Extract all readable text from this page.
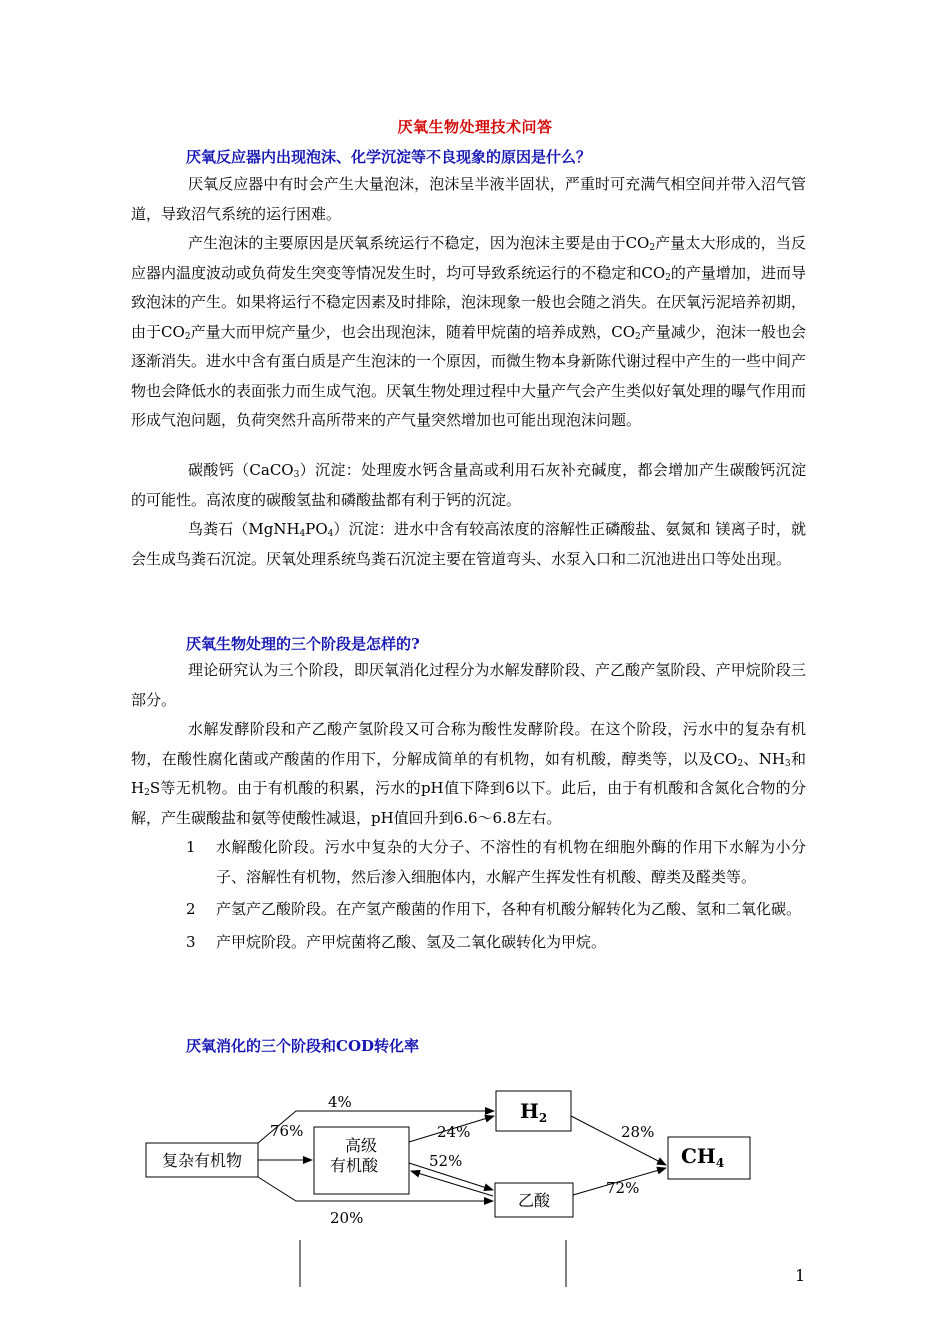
厌氧生物处理技术问答
厌氧反应器内出现泡沫、化学沉淀等不良现象的原因是什么？

厌氧反应器中有时会产生大量泡沫，泡沫呈半液半固状，严重时可充满气相空间并带入沼气管道，导致沼气系统的运行困难。

产生泡沫的主要原因是厌氧系统运行不稳定，因为泡沫主要是由于$CO_2$产量太大形成的，当反应器内温度波动或负荷发生突变等情况发生时，均可导致系统运行的不稳定和$CO_2$的产量增加，进而导致泡沫的产生。如果将运行不稳定因素及时排除，泡沫现象一般也会随之消失。在厌氧污泥培养初期，由于$CO_2$产量大而甲烷产量少，也会出现泡沫，随着甲烷菌的培养成熟，$CO_2$产量减少，泡沫一般也会逐渐消失。进水中含有蛋白质是产生泡沫的一个原因，而微生物本身新陈代谢过程中产生的一些中间产物也会降低水的表面张力而生成气泡。厌氧生物处理过程中大量产气会产生类似好氧处理的曝气作用而形成气泡问题，负荷突然升高所带来的产气量突然增加也可能出现泡沫问题。

碳酸钙（CaCO$_3$）沉淀：处理废水钙含量高或利用石灰补充碱度，都会增加产生碳酸钙沉淀的可能性。高浓度的碳酸氢盐和磷酸盐都有利于钙的沉淀。

鸟粪石$(MgNH_4PO_4)$沉淀：进水中含有较高浓度的溶解性正磷酸盐、氨氮和 镁离子时，就会生成鸟粪石沉淀。厌氧处理系统鸟粪石沉淀主要在管道弯头、水泵入口和二沉池进出口等处出现。

厌氧生物处理的三个阶段是怎样的?

理论研究认为三个阶段，即厌氧消化过程分为水解发酵阶段、产乙酸产氢阶段、产甲烷阶段三部分。

水解发酵阶段和产乙酸产氢阶段又可合称为酸性发酵阶段。在这个阶段，污水中的复杂有机物，在酸性腐化菌或产酸菌的作用下，分解成简单的有机物，如有机酸，醇类等，以及$CO_2$、$NH_3$和$H_2S$等无机物。由于有机酸的积累，污水的pH值下降到6以下。此后，由于有机酸和含氮化合物的分解，产生碳酸盐和氨等使酸性减退，pH值回升到6.6～6.8左右。

1 水解酸化阶段。污水中复杂的大分子、不溶性的有机物在细胞外酶的作用下水解为小分子、溶解性有机物，然后渗入细胞体内，水解产生挥发性有机酸、醇类及醛类等。
2 产氢产乙酸阶段。在产氢产酸菌的作用下，各种有机酸分解转化为乙酸、氢和二氧化碳。
3 产甲烷阶段。产甲烷菌将乙酸、氢及二氧化碳转化为甲烷。
厌氧消化的三个阶段和COD转化率
复杂有机物
高级
有机酸
$H_2$
乙酸
$CH_4$
4%
76%
20%
24%
52%
28%
72%
1
